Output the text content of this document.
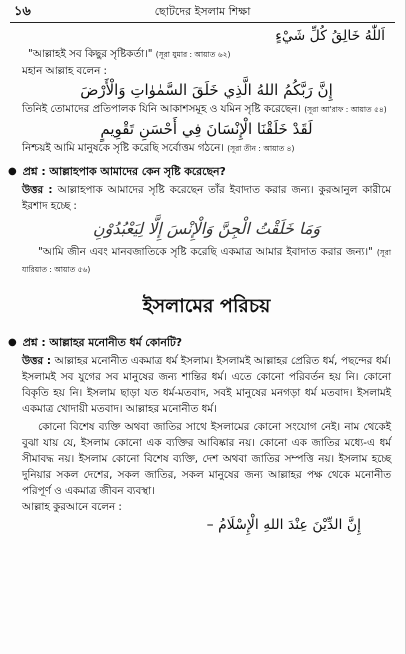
১৬	ছোটদের ইসলাম শিক্ষা
اَللّٰهُ خَالِقُ كُلِّ شَيْءٍ

"আল্লাহই সব কিছুর সৃষ্টিকর্তা।" (সূরা যুমার : আয়াত ৬২)

মহান আল্লাহ বলেন :

إِنَّ رَبَّكُمُ اللهُ الَّذِي خَلَقَ السَّمٰوٰاتِ وَالْأَرْضَ

তিনিই তোমাদের প্রতিপালক যিনি আকাশসমূহ ও যমিন সৃষ্টি করেছেন। (সূরা আ'রাফ : আয়াত ৫৪)

لَقَدْ خَلَقْنَا الْإِنْسَانَ فِي أَحْسَنِ تَقْوِيمٍ

নিশ্চয়ই আমি মানুষকে সৃষ্টি করেছি সর্বোত্তম গঠনে। (সূরা তীন : আয়াত ৪)

● প্রশ্ন : আল্লাহপাক আমাদের কেন সৃষ্টি করেছেন?

উত্তর : আল্লাহপাক আমাদের সৃষ্টি করেছেন তাঁর ইবাদাত করার জন্য। কুরআনুল কারীমে ইরশাদ হচ্ছে :

وَمَا خَلَقْتُ الْجِنَّ وَالْإِنْسَ إِلَّا لِيَعْبُدُوْنِ

"আমি জীন এবং মানবজাতিকে সৃষ্টি করেছি একমাত্র আমার ইবাদাত করার জন্য।" (সূরা যারিয়াত : আয়াত ৫৬)

ইসলামের পরিচয়
● প্রশ্ন : আল্লাহর মনোনীত ধর্ম কোনটি?

উত্তর : আল্লাহর মনোনীত একমাত্র ধর্ম ইসলাম। ইসলামই আল্লাহর প্রেরিত ধর্ম, পছন্দের ধর্ম। ইসলামই সব যুগের সব মানুষের জন্য শান্তির ধর্ম। এতে কোনো পরিবর্তন হয় নি। কোনো বিকৃতি হয় নি। ইসলাম ছাড়া যত ধর্ম-মতবাদ, সবই মানুষের মনগড়া ধর্ম মতবাদ। ইসলামই একমাত্র খোদায়ী মতবাদ। আল্লাহর মনোনীত ধর্ম।

কোনো বিশেষ ব্যক্তি অথবা জাতির সাথে ইসলামের কোনো সংযোগ নেই। নাম থেকেই বুঝা যায় যে, ইসলাম কোনো এক ব্যক্তির আবিষ্কার নয়। কোনো এক জাতির মধ্যে-এ ধর্ম সীমাবদ্ধ নয়। ইসলাম কোনো বিশেষ ব্যক্তি, দেশ অথবা জাতির সম্পত্তি নয়। ইসলাম হচ্ছে দুনিয়ার সকল দেশের, সকল জাতির, সকল মানুষের জন্য আল্লাহর পক্ষ থেকে মনোনীত পরিপূর্ণ ও একমাত্র জীবন ব্যবস্থা।

আল্লাহ কুরআনে বলেন :

إِنَّ الدِّيْنَ عِنْدَ اللهِ الْإِسْلَامُ –
